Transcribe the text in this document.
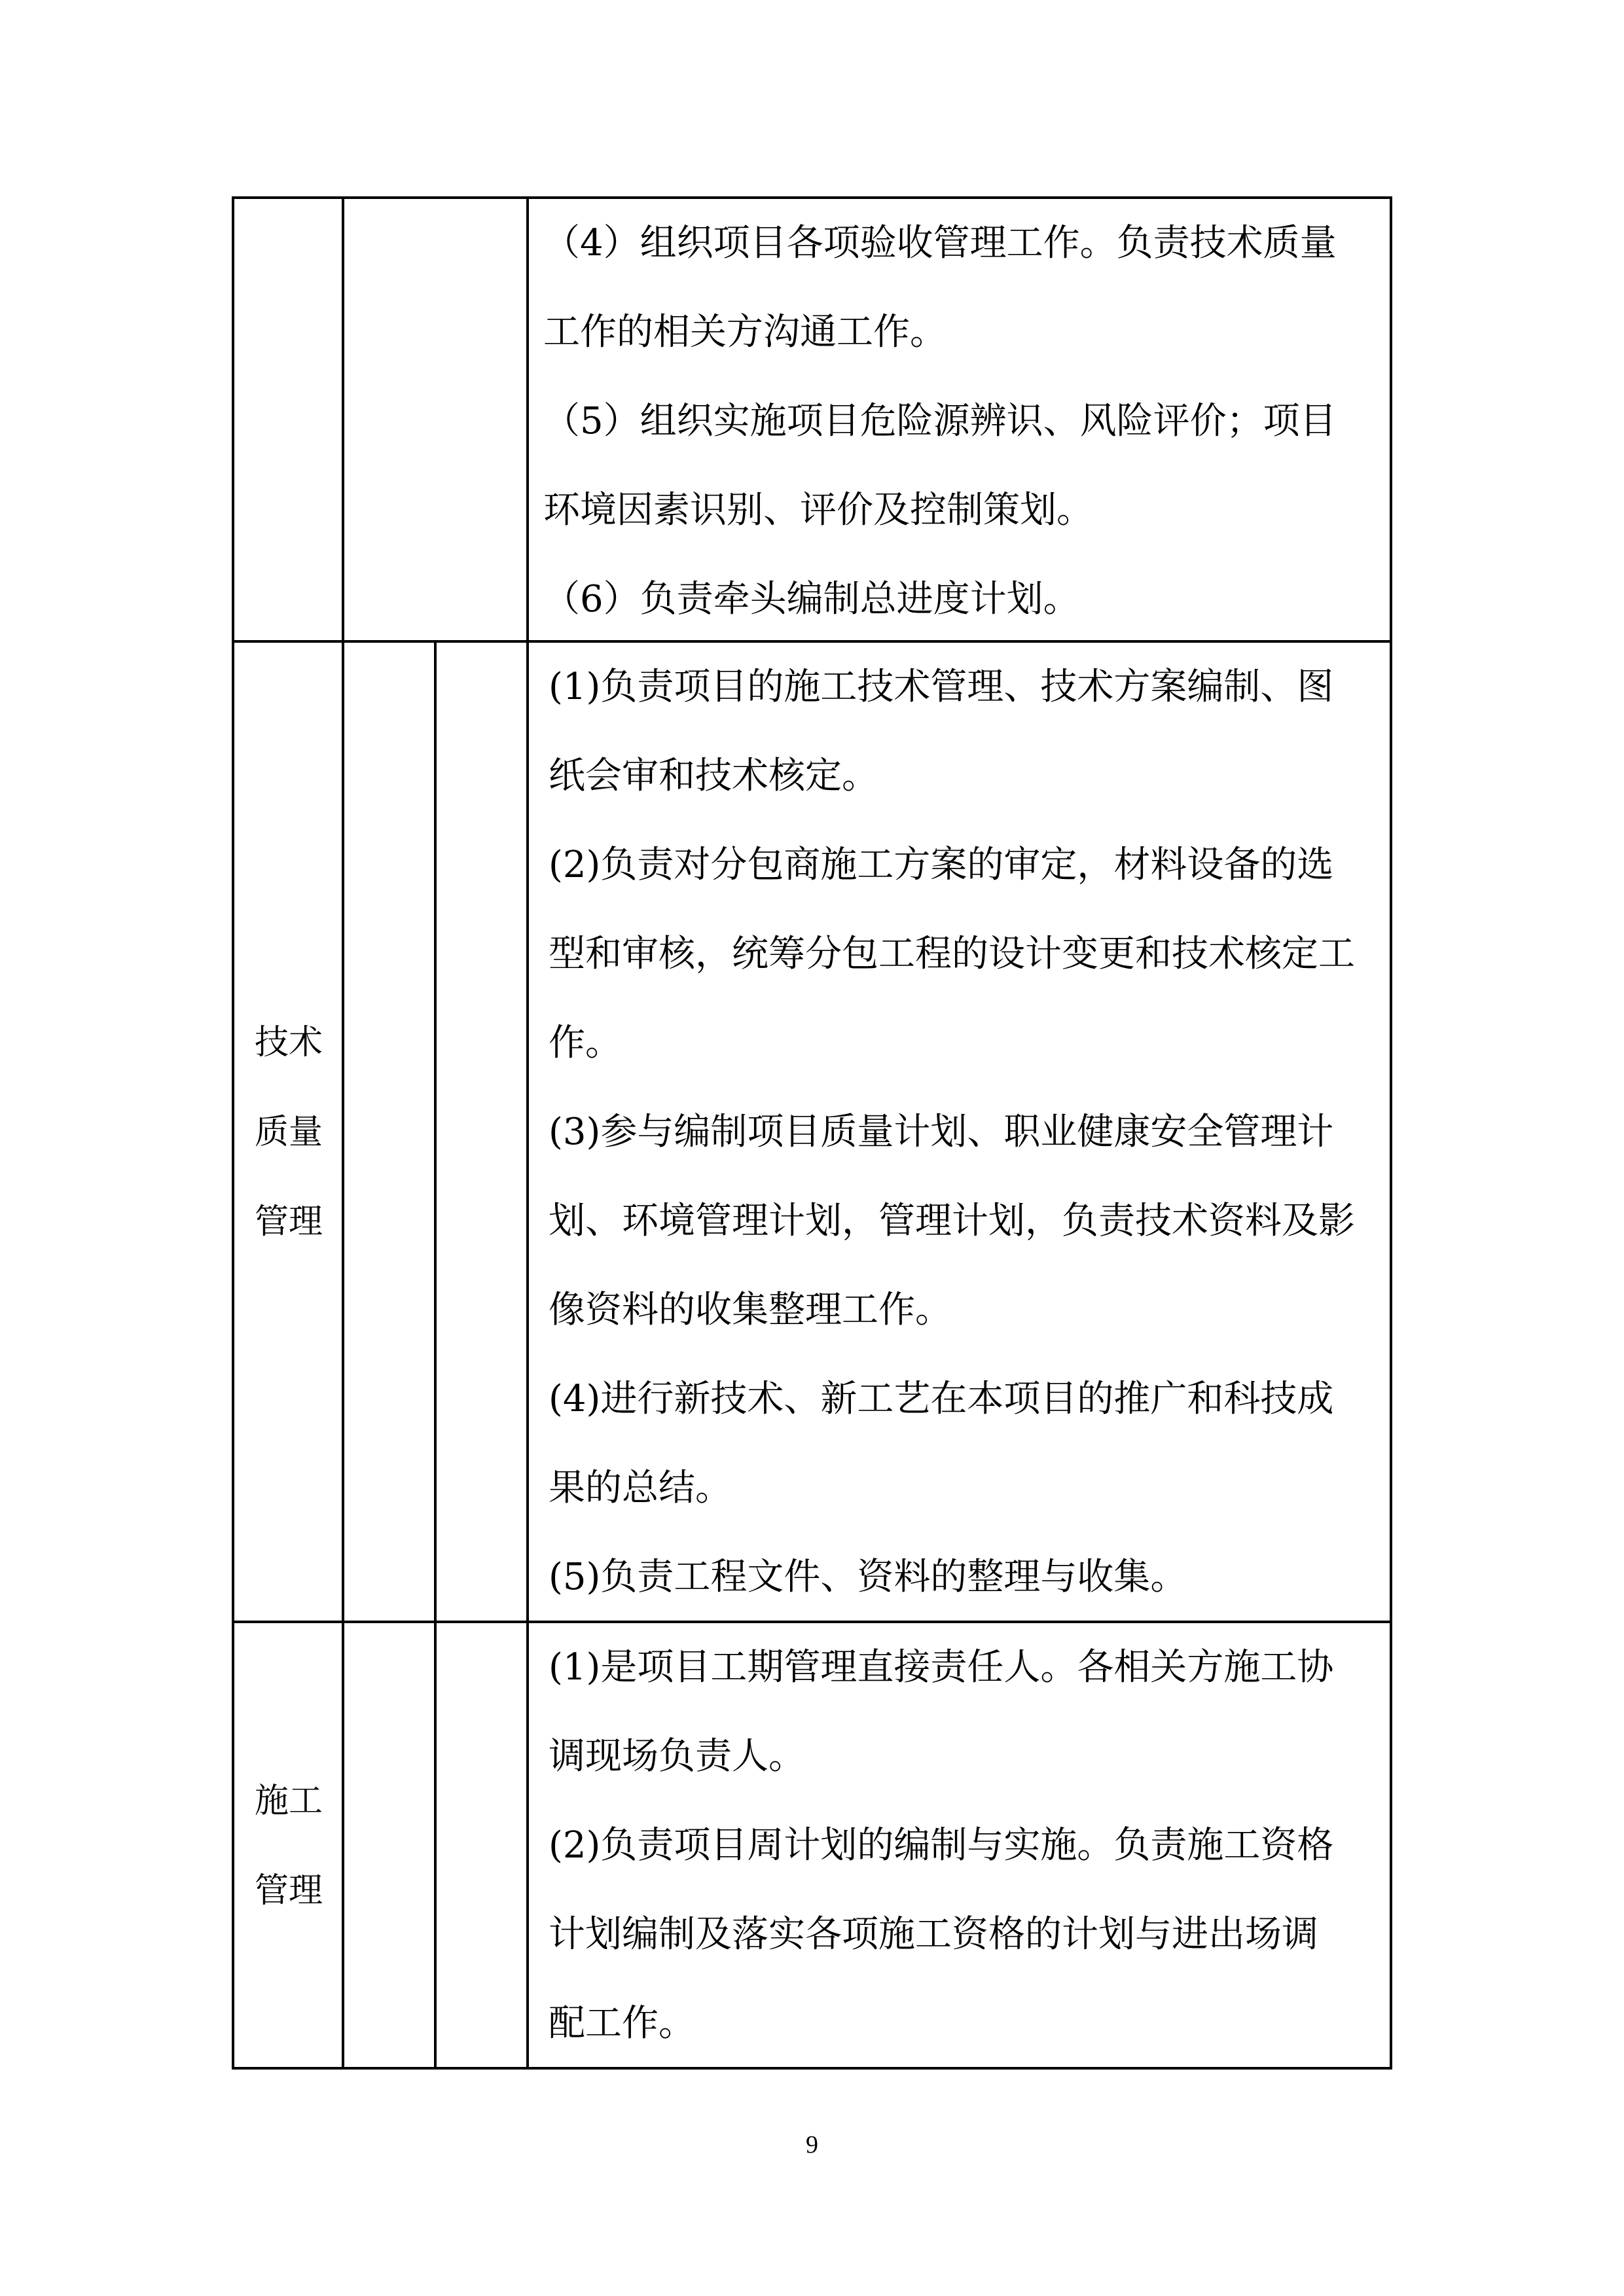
（4）组织项目各项验收管理工作。负责技术质量
工作的相关方沟通工作。
（5）组织实施项目危险源辨识、风险评价；项目
环境因素识别、评价及控制策划。
（6）负责牵头编制总进度计划。
技术
质量
管理
(1)负责项目的施工技术管理、技术方案编制、图
纸会审和技术核定。
(2)负责对分包商施工方案的审定，材料设备的选
型和审核，统筹分包工程的设计变更和技术核定工
作。
(3)参与编制项目质量计划、职业健康安全管理计
划、环境管理计划，管理计划，负责技术资料及影
像资料的收集整理工作。
(4)进行新技术、新工艺在本项目的推广和科技成
果的总结。
(5)负责工程文件、资料的整理与收集。
施工
管理
(1)是项目工期管理直接责任人。各相关方施工协
调现场负责人。
(2)负责项目周计划的编制与实施。负责施工资格
计划编制及落实各项施工资格的计划与进出场调
配工作。
9
